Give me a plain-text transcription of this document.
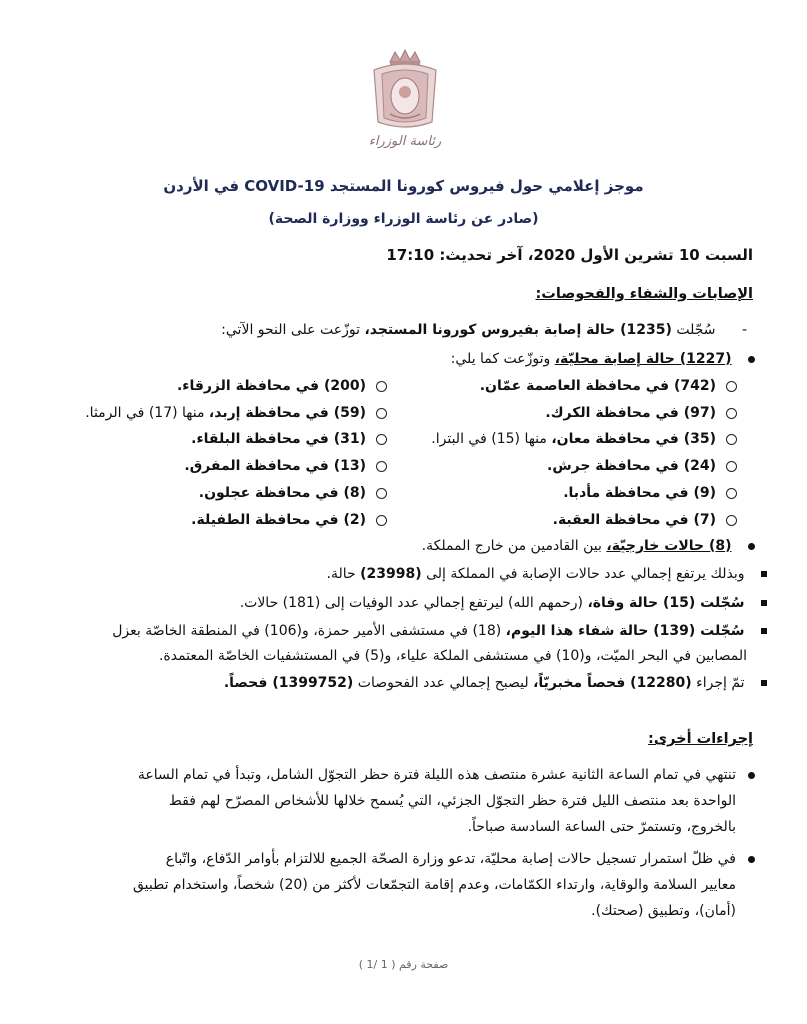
رئاسة الوزراء
موجز إعلامي حول فيروس كورونا المستجد COVID-19 في الأردن
(صادر عن رئاسة الوزراء ووزارة الصحة)
السبت 10 تشرين الأول 2020، آخر تحديث: 17:10
الإصابات والشفاء والفحوصات:
- سُجّلت (1235) حالة إصابة بفيروس كورونا المستجد، توزّعت على النحو الآتي:
(1227) حالة إصابة محليّة، وتوزّعت كما يلي:
(742) في محافظة العاصمة عمّان.
(97) في محافظة الكرك.
(35) في محافظة معان، منها (15) في البترا.
(24) في محافظة جرش.
(9) في محافظة مأدبا.
(7) في محافظة العقبة.
(200) في محافظة الزرقاء.
(59) في محافظة إربد، منها (17) في الرمثا.
(31) في محافظة البلقاء.
(13) في محافظة المفرق.
(8) في محافظة عجلون.
(2) في محافظة الطفيلة.
(8) حالات خارجيّة، بين القادمين من خارج المملكة.
وبذلك يرتفع إجمالي عدد حالات الإصابة في المملكة إلى (23998) حالة.
سُجّلت (15) حالة وفاة، (رحمهم الله) ليرتفع إجمالي عدد الوفيات إلى (181) حالات.
سُجّلت (139) حالة شفاء هذا اليوم، (18) في مستشفى الأمير حمزة، و(106) في المنطقة الخاصّة بعزل
المصابين في البحر الميّت، و(10) في مستشفى الملكة علياء، و(5) في المستشفيات الخاصّة المعتمدة.
تمّ إجراء (12280) فحصاً مخبريّاً، ليصبح إجمالي عدد الفحوصات (1399752) فحصاً.
إجراءات أخرى:
تنتهي في تمام الساعة الثانية عشرة منتصف هذه الليلة فترة حظر التجوّل الشامل، وتبدأ في تمام الساعة
الواحدة بعد منتصف الليل فترة حظر التجوّل الجزئي، التي يُسمح خلالها للأشخاص المصرّح لهم فقط
بالخروج، وتستمرّ حتى الساعة السادسة صباحاً.
في ظلّ استمرار تسجيل حالات إصابة محليّة، تدعو وزارة الصحّة الجميع للالتزام بأوامر الدّفاع، واتّباع
معايير السلامة والوقاية، وارتداء الكمّامات، وعدم إقامة التجمّعات لأكثر من (20) شخصاً، واستخدام تطبيق
(أمان)، وتطبيق (صحتك).
صفحة رقم ( 1 /1 )
